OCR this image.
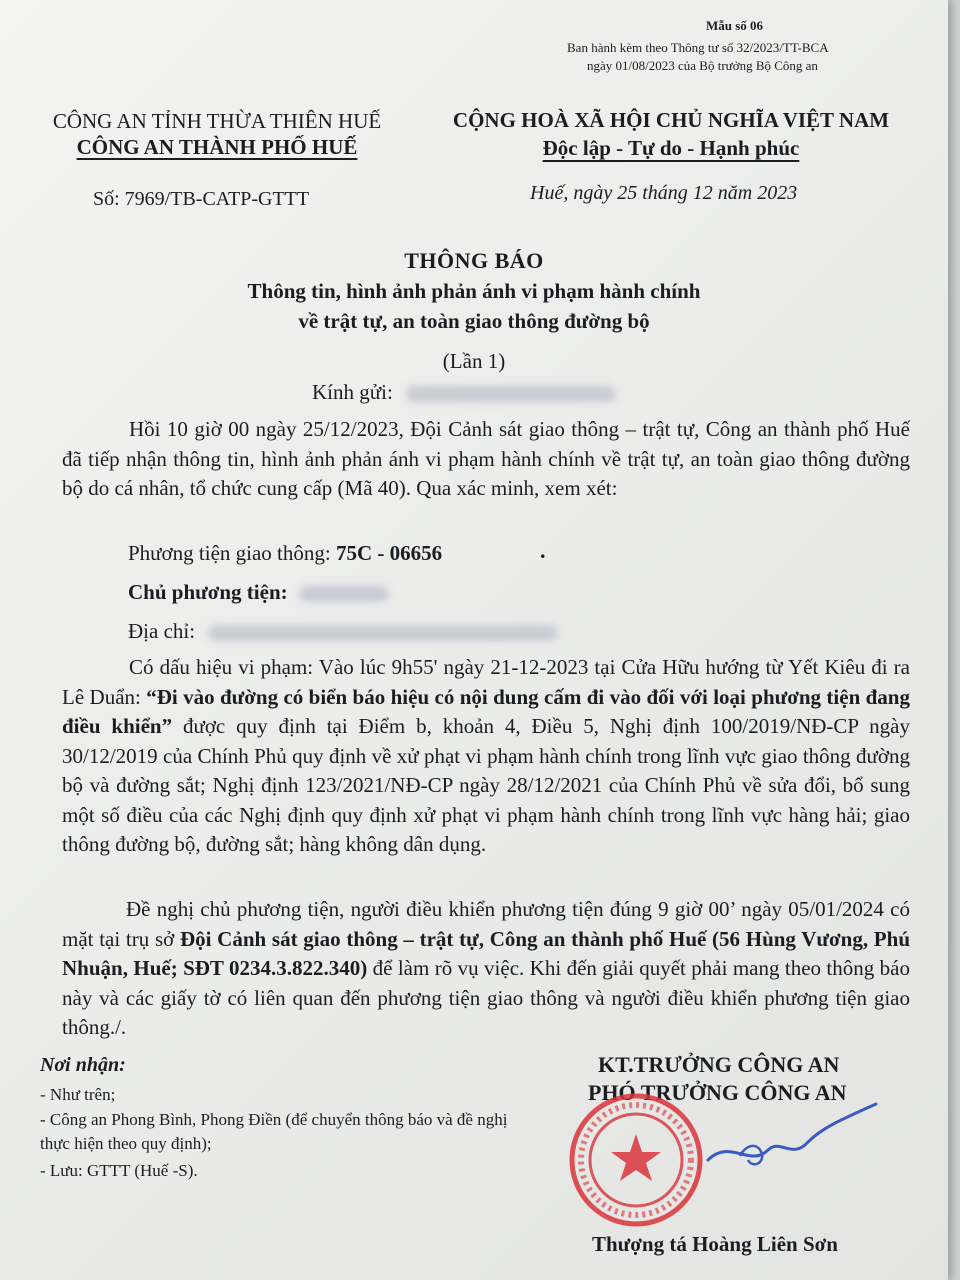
Mẫu số 06
Ban hành kèm theo Thông tư số 32/2023/TT-BCA
ngày 01/08/2023 của Bộ trưởng Bộ Công an
CÔNG AN TỈNH THỪA THIÊN HUẾ
CÔNG AN THÀNH PHỐ HUẾ
CỘNG HOÀ XÃ HỘI CHỦ NGHĨA VIỆT NAM
Độc lập - Tự do - Hạnh phúc
Số: 7969/TB-CATP-GTTT	Huế, ngày 25 tháng 12 năm 2023
THÔNG BÁO
Thông tin, hình ảnh phản ánh vi phạm hành chính
về trật tự, an toàn giao thông đường bộ
(Lần 1)
Kính gửi:
Hồi 10 giờ 00 ngày 25/12/2023, Đội Cảnh sát giao thông – trật tự, Công an thành phố Huế đã tiếp nhận thông tin, hình ảnh phản ánh vi phạm hành chính về trật tự, an toàn giao thông đường bộ do cá nhân, tổ chức cung cấp (Mã 40). Qua xác minh, xem xét:
Phương tiện giao thông: 75C - 06656	.
Chủ phương tiện:
Địa chỉ:
Có dấu hiệu vi phạm: Vào lúc 9h55' ngày 21-12-2023 tại Cửa Hữu hướng từ Yết Kiêu đi ra Lê Duẩn: “Đi vào đường có biển báo hiệu có nội dung cấm đi vào đối với loại phương tiện đang điều khiển” được quy định tại Điểm b, khoản 4, Điều 5, Nghị định 100/2019/NĐ-CP ngày 30/12/2019 của Chính Phủ quy định về xử phạt vi phạm hành chính trong lĩnh vực giao thông đường bộ và đường sắt; Nghị định 123/2021/NĐ-CP ngày 28/12/2021 của Chính Phủ về sửa đổi, bổ sung một số điều của các Nghị định quy định xử phạt vi phạm hành chính trong lĩnh vực hàng hải; giao thông đường bộ, đường sắt; hàng không dân dụng.
Đề nghị chủ phương tiện, người điều khiển phương tiện đúng 9 giờ 00’ ngày 05/01/2024 có mặt tại trụ sở Đội Cảnh sát giao thông – trật tự, Công an thành phố Huế (56 Hùng Vương, Phú Nhuận, Huế; SĐT 0234.3.822.340) để làm rõ vụ việc. Khi đến giải quyết phải mang theo thông báo này và các giấy tờ có liên quan đến phương tiện giao thông và người điều khiển phương tiện giao thông./.
Nơi nhận:
- Như trên;
- Công an Phong Bình, Phong Điền (để chuyển thông báo và đề nghị thực hiện theo quy định);
- Lưu: GTTT (Huế -S).
KT.TRƯỞNG CÔNG AN
PHÓ TRƯỞNG CÔNG AN
Thượng tá Hoàng Liên Sơn
